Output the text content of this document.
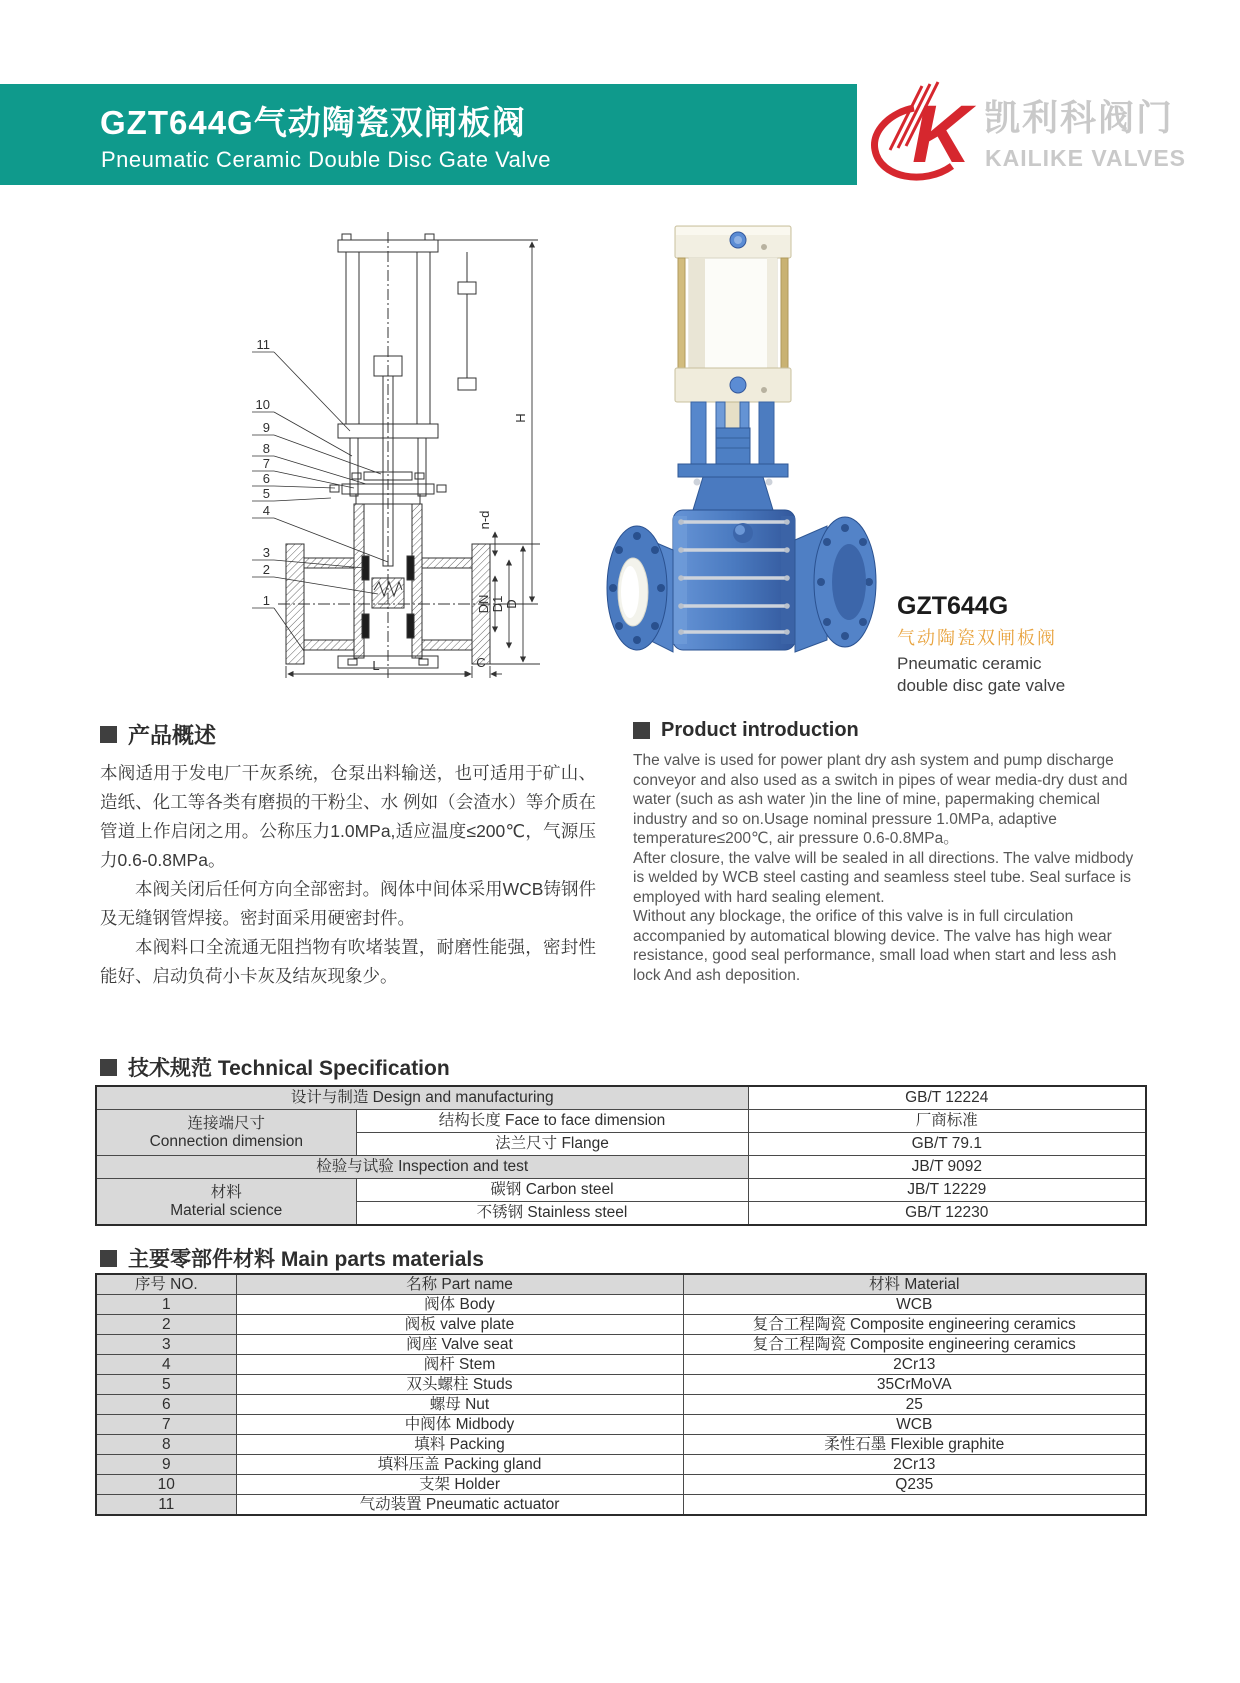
GZT644G气动陶瓷双闸板阀
Pneumatic Ceramic Double Disc Gate Valve	K 凯利科阀门
KAILIKE VALVES
11
10
9
8
7
6
5
4
3
2
1
H
n-d
DN D1 D
L	C
GZT644G
气动陶瓷双闸板阀
Pneumatic ceramic
double disc gate valve
产品概述

本阀适用于发电厂干灰系统，仓泵出料输送，也可适用于矿山、造纸、化工等各类有磨损的干粉尘、水 例如（会渣水）等介质在管道上作启闭之用。公称压力1.0MPa,适应温度≤200℃，气源压力0.6-0.8MPa。

本阀关闭后任何方向全部密封。阀体中间体采用WCB铸钢件及无缝钢管焊接。密封面采用硬密封件。

本阀料口全流通无阻挡物有吹堵装置，耐磨性能强，密封性能好、启动负荷小卡灰及结灰现象少。

Product introduction

The valve is used for power plant dry ash system and pump discharge conveyor and also used as a switch in pipes of wear media-dry dust and water (such as ash water )in the line of mine, papermaking chemical industry and so on.Usage nominal pressure 1.0MPa, adaptive temperature≤200℃, air pressure 0.6-0.8MPa。

After closure, the valve will be sealed in all directions. The valve midbody is welded by WCB steel casting and seamless steel tube. Seal surface is employed with hard sealing element.

Without any blockage, the orifice of this valve is in full circulation accompanied by automatical blowing device. The valve has high wear resistance, good seal performance, small load when start and less ash lock And ash deposition.

技术规范 Technical Specification
设计与制造 Design and manufacturing		GB/T 12224

连接端尺寸
Connection dimension	结构长度 Face to face dimension	厂商标准
	法兰尺寸 Flange	GB/T 79.1
检验与试验 Inspection and test		JB/T 9092

材料
Material science	碳钢 Carbon steel	JB/T 12229
	不锈钢 Stainless steel	GB/T 12230
主要零部件材料 Main parts materials
序号 NO.	名称 Part name	材料 Material
1	阀体 Body	WCB
2	阀板 valve plate	复合工程陶瓷 Composite engineering ceramics
3	阀座 Valve seat	复合工程陶瓷 Composite engineering ceramics
4	阀杆 Stem	2Cr13
5	双头螺柱 Studs	35CrMoVA
6	螺母 Nut	25
7	中阀体 Midbody	WCB
8	填料 Packing	柔性石墨 Flexible graphite
9	填料压盖 Packing gland	2Cr13
10	支架 Holder	Q235
11	气动装置 Pneumatic actuator	
